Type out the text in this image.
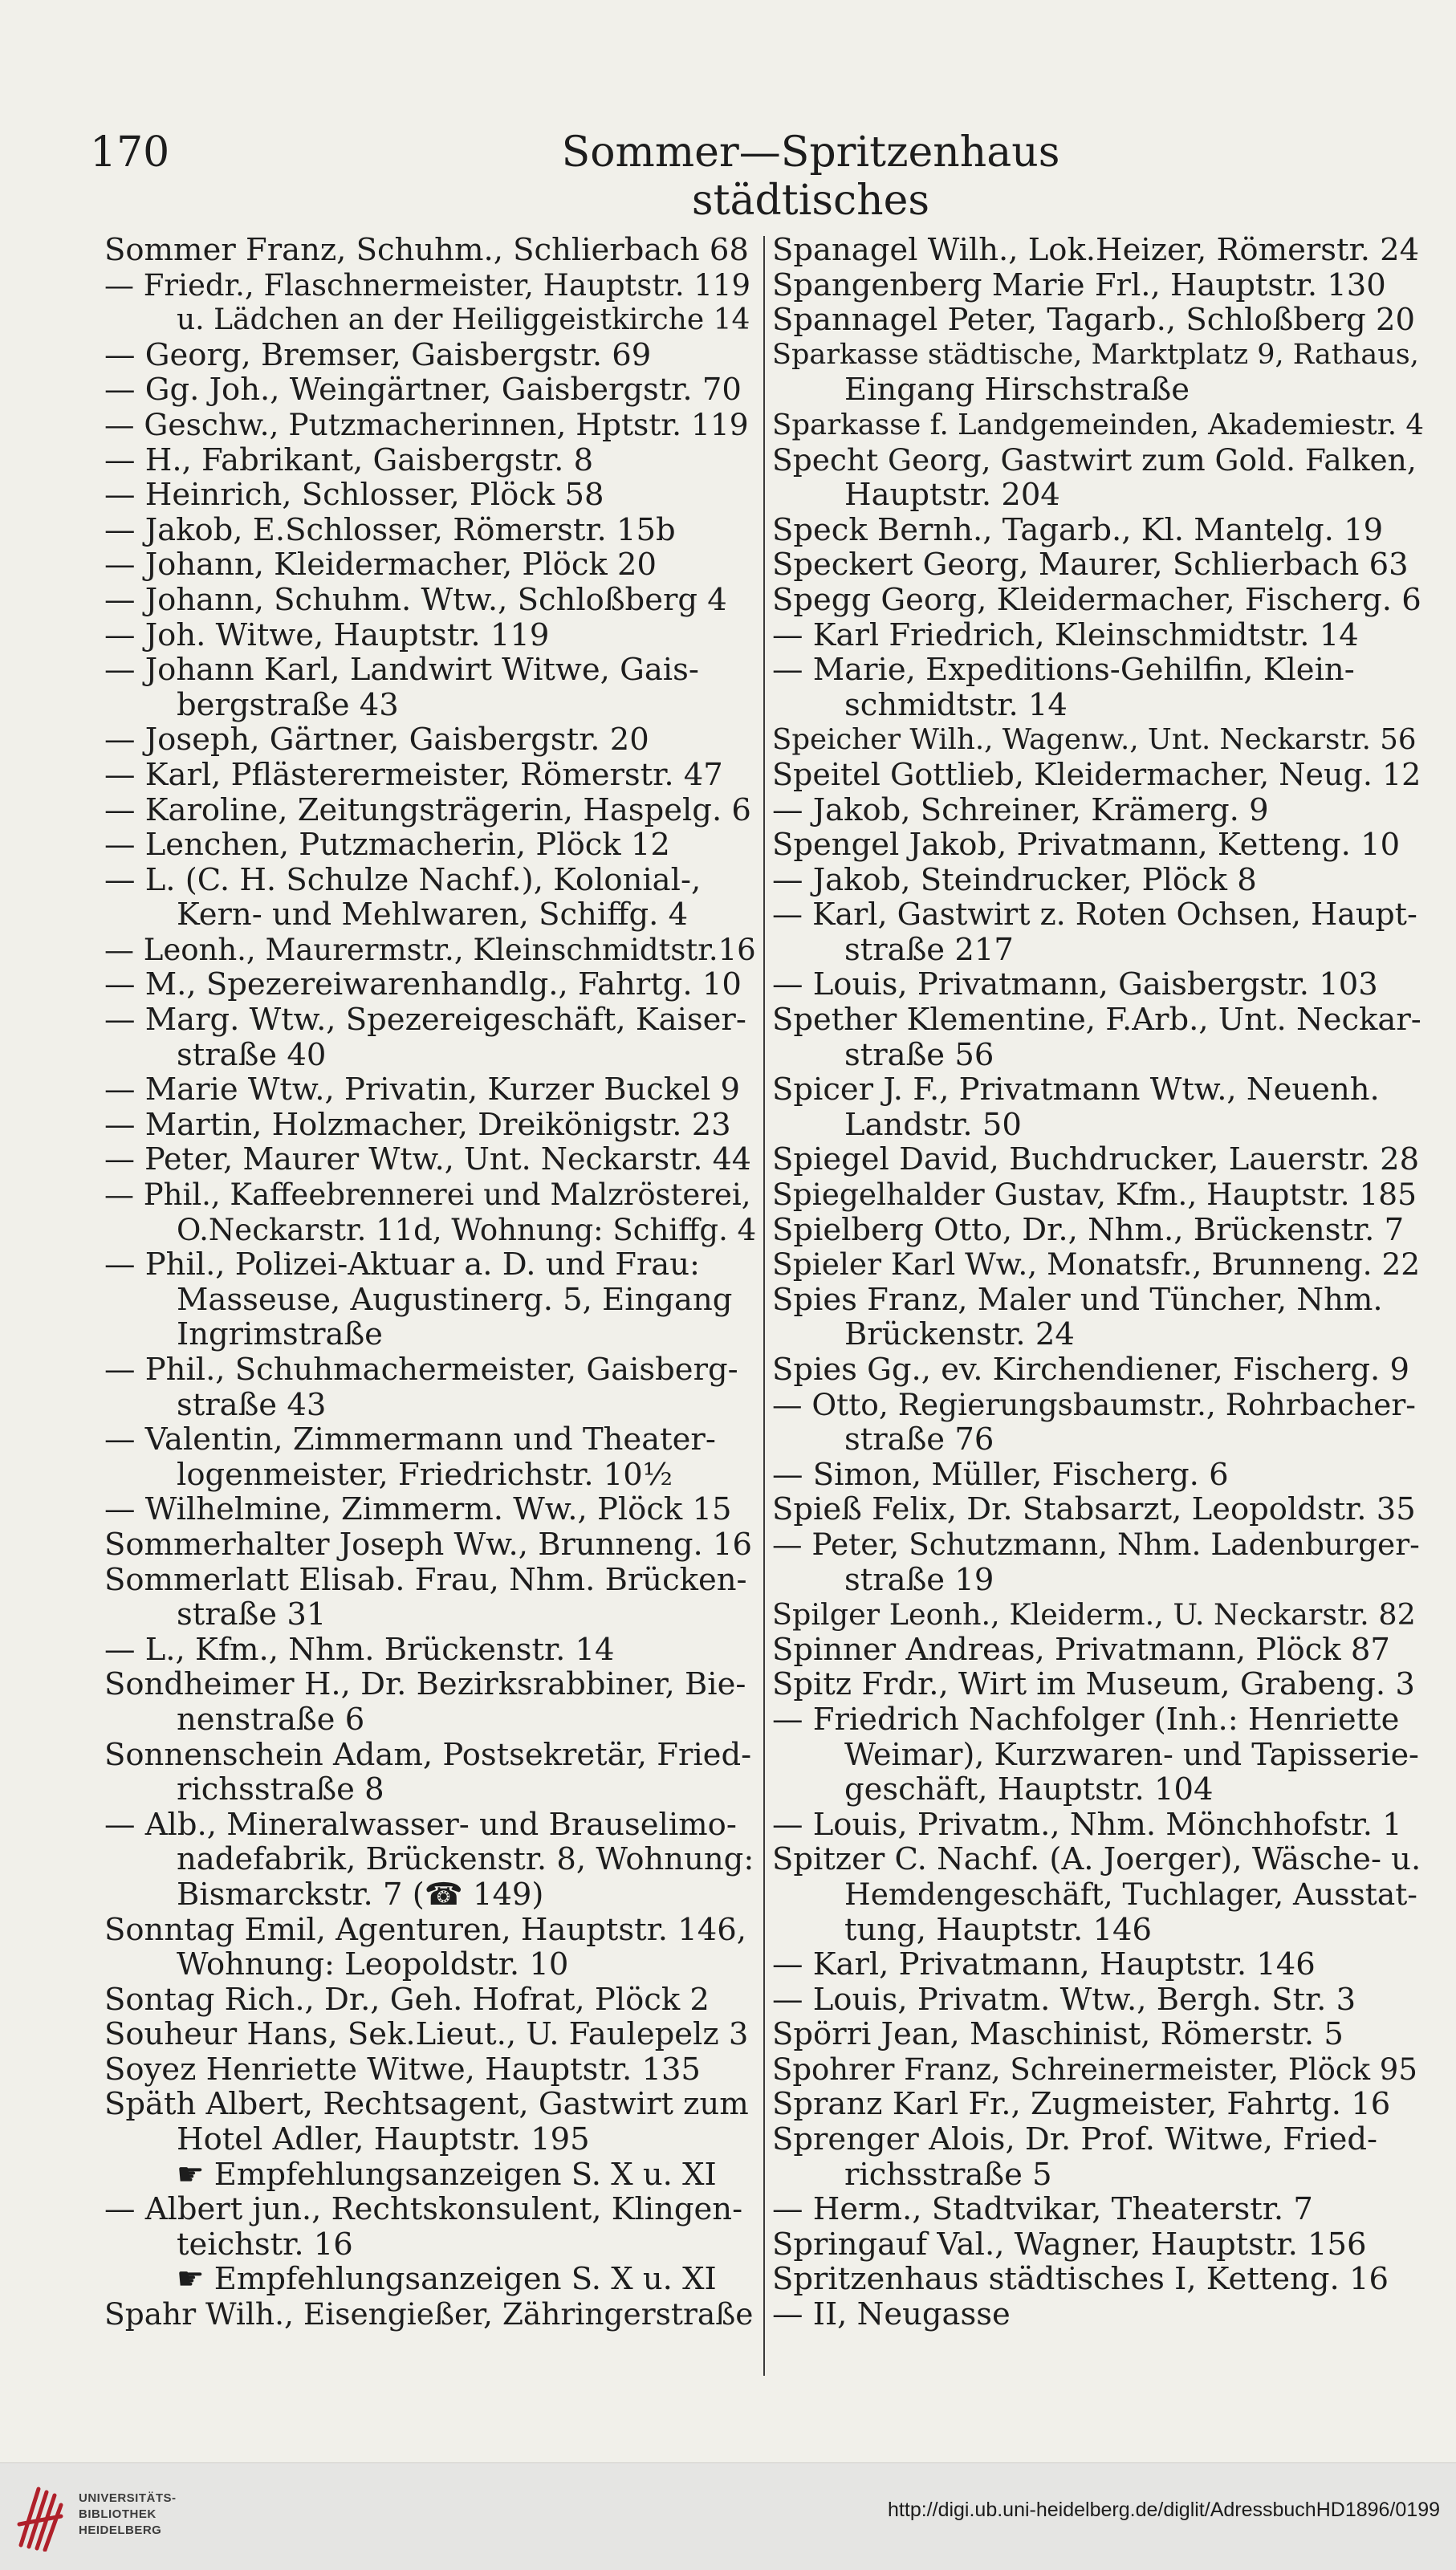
170	Sommer—Spritzenhaus städtisches
Sommer Franz, Schuhm., Schlierbach 68
— Friedr., Flaschnermeister, Hauptstr. 119
u. Lädchen an der Heiliggeistkirche 14
— Georg, Bremser, Gaisbergstr. 69
— Gg. Joh., Weingärtner, Gaisbergstr. 70
— Geschw., Putzmacherinnen, Hptstr. 119
— H., Fabrikant, Gaisbergstr. 8
— Heinrich, Schlosser, Plöck 58
— Jakob, E.Schlosser, Römerstr. 15b
— Johann, Kleidermacher, Plöck 20
— Johann, Schuhm. Wtw., Schloßberg 4
— Joh. Witwe, Hauptstr. 119
— Johann Karl, Landwirt Witwe, Gais-
bergstraße 43
— Joseph, Gärtner, Gaisbergstr. 20
— Karl, Pflästerermeister, Römerstr. 47
— Karoline, Zeitungsträgerin, Haspelg. 6
— Lenchen, Putzmacherin, Plöck 12
— L. (C. H. Schulze Nachf.), Kolonial-,
Kern- und Mehlwaren, Schiffg. 4
— Leonh., Maurermstr., Kleinschmidtstr.16
— M., Spezereiwarenhandlg., Fahrtg. 10
— Marg. Wtw., Spezereigeschäft, Kaiser-
straße 40
— Marie Wtw., Privatin, Kurzer Buckel 9
— Martin, Holzmacher, Dreikönigstr. 23
— Peter, Maurer Wtw., Unt. Neckarstr. 44
— Phil., Kaffeebrennerei und Malzrösterei,
O.Neckarstr. 11d, Wohnung: Schiffg. 4
— Phil., Polizei-Aktuar a. D. und Frau:
Masseuse, Augustinerg. 5, Eingang
Ingrimstraße
— Phil., Schuhmachermeister, Gaisberg-
straße 43
— Valentin, Zimmermann und Theater-
logenmeister, Friedrichstr. 10½
— Wilhelmine, Zimmerm. Ww., Plöck 15
Sommerhalter Joseph Ww., Brunneng. 16
Sommerlatt Elisab. Frau, Nhm. Brücken-
straße 31
— L., Kfm., Nhm. Brückenstr. 14
Sondheimer H., Dr. Bezirksrabbiner, Bie-
nenstraße 6
Sonnenschein Adam, Postsekretär, Fried-
richsstraße 8
— Alb., Mineralwasser- und Brauselimo-
nadefabrik, Brückenstr. 8, Wohnung:
Bismarckstr. 7 (☎ 149)
Sonntag Emil, Agenturen, Hauptstr. 146,
Wohnung: Leopoldstr. 10
Sontag Rich., Dr., Geh. Hofrat, Plöck 2
Souheur Hans, Sek.Lieut., U. Faulepelz 3
Soyez Henriette Witwe, Hauptstr. 135
Späth Albert, Rechtsagent, Gastwirt zum
Hotel Adler, Hauptstr. 195
☛ Empfehlungsanzeigen S. X u. XI
— Albert jun., Rechtskonsulent, Klingen-
teichstr. 16
☛ Empfehlungsanzeigen S. X u. XI
Spahr Wilh., Eisengießer, Zähringerstraße
Spanagel Wilh., Lok.Heizer, Römerstr. 24
Spangenberg Marie Frl., Hauptstr. 130
Spannagel Peter, Tagarb., Schloßberg 20
Sparkasse städtische, Marktplatz 9, Rathaus,
Eingang Hirschstraße
Sparkasse f. Landgemeinden, Akademiestr. 4
Specht Georg, Gastwirt zum Gold. Falken,
Hauptstr. 204
Speck Bernh., Tagarb., Kl. Mantelg. 19
Speckert Georg, Maurer, Schlierbach 63
Spegg Georg, Kleidermacher, Fischerg. 6
— Karl Friedrich, Kleinschmidtstr. 14
— Marie, Expeditions-Gehilfin, Klein-
schmidtstr. 14
Speicher Wilh., Wagenw., Unt. Neckarstr. 56
Speitel Gottlieb, Kleidermacher, Neug. 12
— Jakob, Schreiner, Krämerg. 9
Spengel Jakob, Privatmann, Ketteng. 10
— Jakob, Steindrucker, Plöck 8
— Karl, Gastwirt z. Roten Ochsen, Haupt-
straße 217
— Louis, Privatmann, Gaisbergstr. 103
Spether Klementine, F.Arb., Unt. Neckar-
straße 56
Spicer J. F., Privatmann Wtw., Neuenh.
Landstr. 50
Spiegel David, Buchdrucker, Lauerstr. 28
Spiegelhalder Gustav, Kfm., Hauptstr. 185
Spielberg Otto, Dr., Nhm., Brückenstr. 7
Spieler Karl Ww., Monatsfr., Brunneng. 22
Spies Franz, Maler und Tüncher, Nhm.
Brückenstr. 24
Spies Gg., ev. Kirchendiener, Fischerg. 9
— Otto, Regierungsbaumstr., Rohrbacher-
straße 76
— Simon, Müller, Fischerg. 6
Spieß Felix, Dr. Stabsarzt, Leopoldstr. 35
— Peter, Schutzmann, Nhm. Ladenburger-
straße 19
Spilger Leonh., Kleiderm., U. Neckarstr. 82
Spinner Andreas, Privatmann, Plöck 87
Spitz Frdr., Wirt im Museum, Grabeng. 3
— Friedrich Nachfolger (Inh.: Henriette
Weimar), Kurzwaren- und Tapisserie-
geschäft, Hauptstr. 104
— Louis, Privatm., Nhm. Mönchhofstr. 1
Spitzer C. Nachf. (A. Joerger), Wäsche- u.
Hemdengeschäft, Tuchlager, Ausstat-
tung, Hauptstr. 146
— Karl, Privatmann, Hauptstr. 146
— Louis, Privatm. Wtw., Bergh. Str. 3
Spörri Jean, Maschinist, Römerstr. 5
Spohrer Franz, Schreinermeister, Plöck 95
Spranz Karl Fr., Zugmeister, Fahrtg. 16
Sprenger Alois, Dr. Prof. Witwe, Fried-
richsstraße 5
— Herm., Stadtvikar, Theaterstr. 7
Springauf Val., Wagner, Hauptstr. 156
Spritzenhaus städtisches I, Ketteng. 16
— II, Neugasse
UNIVERSITÄTS-
BIBLIOTHEK
HEIDELBERG
http://digi.ub.uni-heidelberg.de/diglit/AdressbuchHD1896/0199
